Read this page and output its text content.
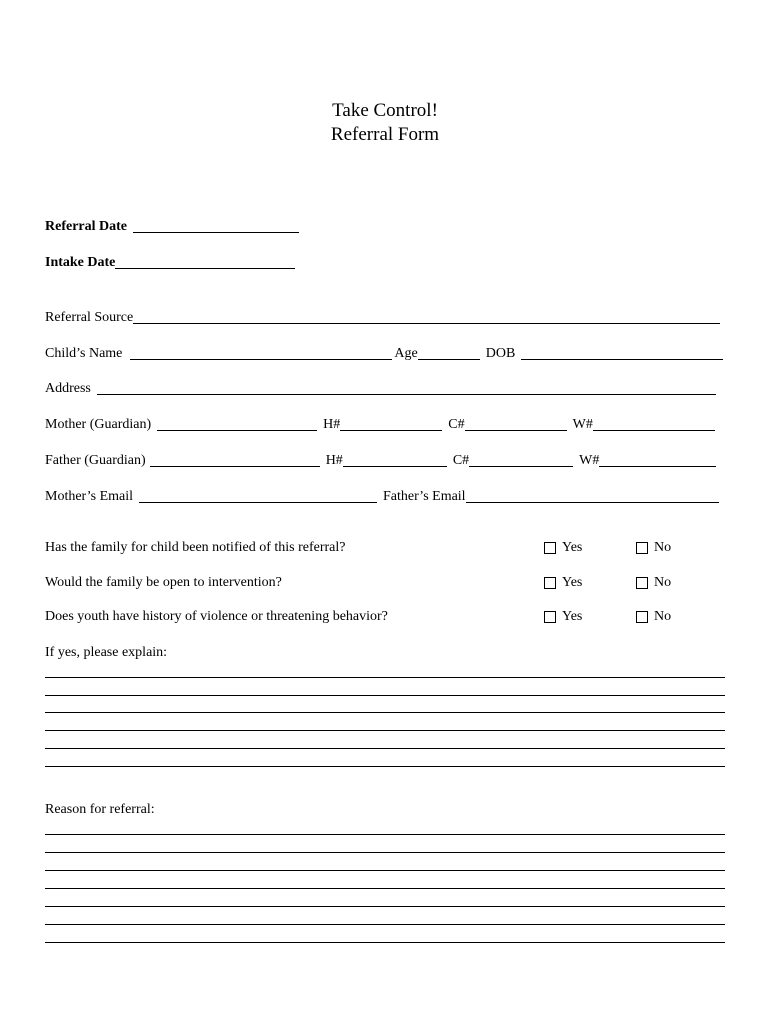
Take Control!
Referral Form
Referral Date
Intake Date
Referral Source
Child’s Name	Age	DOB
Address
Mother (Guardian)	H#	C#	W#
Father (Guardian)	H#	C#	W#
Mother’s Email	Father’s Email
Has the family for child been notified of this referral?	Yes	No
Would the family be open to intervention?	Yes	No
Does youth have history of violence or threatening behavior?	Yes	No
If yes, please explain:
Reason for referral:
